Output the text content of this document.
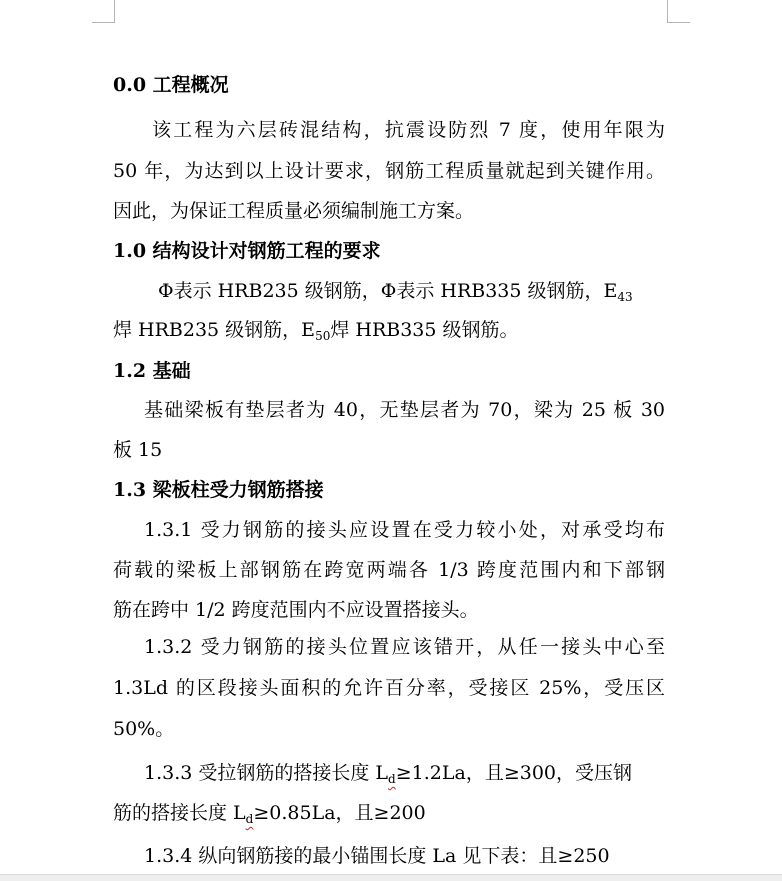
0.0 工程概况
该工程为六层砖混结构，抗震设防烈 7 度，使用年限为
50 年，为达到以上设计要求，钢筋工程质量就起到关键作用。
因此，为保证工程质量必须编制施工方案。
1.0 结构设计对钢筋工程的要求
Φ表示 HRB235 级钢筋，Φ表示 HRB335 级钢筋，$E_{43}$
焊 HRB235 级钢筋，$E_{50}$焊 HRB335 级钢筋。
1.2 基础
基础梁板有垫层者为 40，无垫层者为 70，梁为 25 板 30
板 15
1.3 梁板柱受力钢筋搭接
1.3.1 受力钢筋的接头应设置在受力较小处，对承受均布
荷载的梁板上部钢筋在跨宽两端各 1/3 跨度范围内和下部钢
筋在跨中 1/2 跨度范围内不应设置搭接头。
1.3.2 受力钢筋的接头位置应该错开，从任一接头中心至
1.3Ld 的区段接头面积的允许百分率，受接区 25%，受压区
50%。
1.3.3 受拉钢筋的搭接长度 $L_d\ge 1.2La$，且≥300，受压钢
筋的搭接长度 $L_d\ge 0.85La$，且≥200
1.3.4 纵向钢筋接的最小锚围长度 La 见下表：且≥250
